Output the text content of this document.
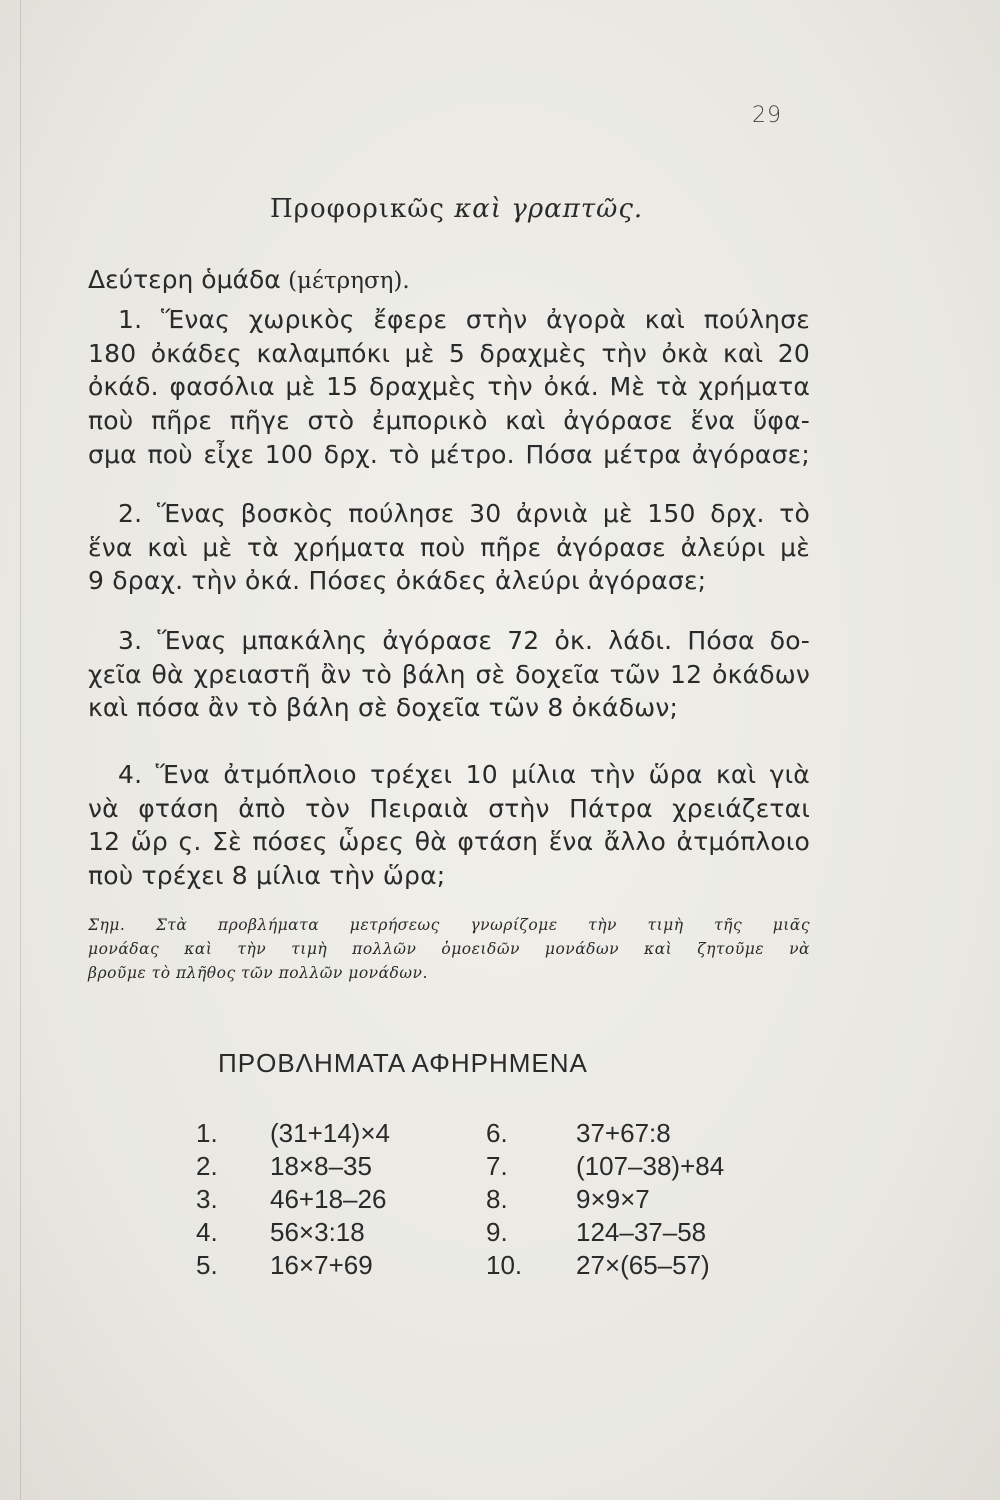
29
Προφορικῶς καὶ γραπτῶς.
Δεύτερη ὁμάδα (μέτρηση).
1. Ἕνας χωρικὸς ἔφερε στὴν ἀγορὰ καὶ πούλησε
180 ὀκάδες καλαμπόκι μὲ 5 δραχμὲς τὴν ὀκὰ καὶ 20
ὀκάδ. φασόλια μὲ 15 δραχμὲς τὴν ὀκά. Μὲ τὰ χρήματα
ποὺ πῆρε πῆγε στὸ ἐμπορικὸ καὶ ἀγόρασε ἕνα ὕφα-
σμα ποὺ εἶχε 100 δρχ. τὸ μέτρο. Πόσα μέτρα ἀγόρασε;
2. Ἕνας βοσκὸς πούλησε 30 ἀρνιὰ μὲ 150 δρχ. τὸ
ἕνα καὶ μὲ τὰ χρήματα ποὺ πῆρε ἀγόρασε ἀλεύρι μὲ
9 δραχ. τὴν ὀκά. Πόσες ὀκάδες ἀλεύρι ἀγόρασε;
3. Ἕνας μπακάλης ἀγόρασε 72 ὀκ. λάδι. Πόσα δο-
χεῖα θὰ χρειαστῆ ἂν τὸ βάλη σὲ δοχεῖα τῶν 12 ὀκάδων
καὶ πόσα ἂν τὸ βάλη σὲ δοχεῖα τῶν 8 ὀκάδων;
4. Ἕνα ἀτμόπλοιο τρέχει 10 μίλια τὴν ὥρα καὶ γιὰ
νὰ φτάση ἀπὸ τὸν Πειραιὰ στὴν Πάτρα χρειάζεται
12 ὥρ ς. Σὲ πόσες ὧρες θὰ φτάση ἕνα ἄλλο ἀτμόπλοιο
ποὺ τρέχει 8 μίλια τὴν ὥρα;
Σημ. Στὰ προβλήματα μετρήσεως γνωρίζομε τὴν τιμὴ τῆς μιᾶς
μονάδας καὶ τὴν τιμὴ πολλῶν ὁμοειδῶν μονάδων καὶ ζητοῦμε νὰ
βροῦμε τὸ πλῆθος τῶν πολλῶν μονάδων.
ΠΡΟΒΛΗΜΑΤΑ ΑΦΗΡΗΜΕΝΑ
1. (31+14)×4	6.	37+67:8
2. 18×8–35	7.	(107–38)+84
3. 46+18–26	8.	9×9×7
4. 56×3:18	9.	124–37–58
5. 16×7+69	10. 27×(65–57)
